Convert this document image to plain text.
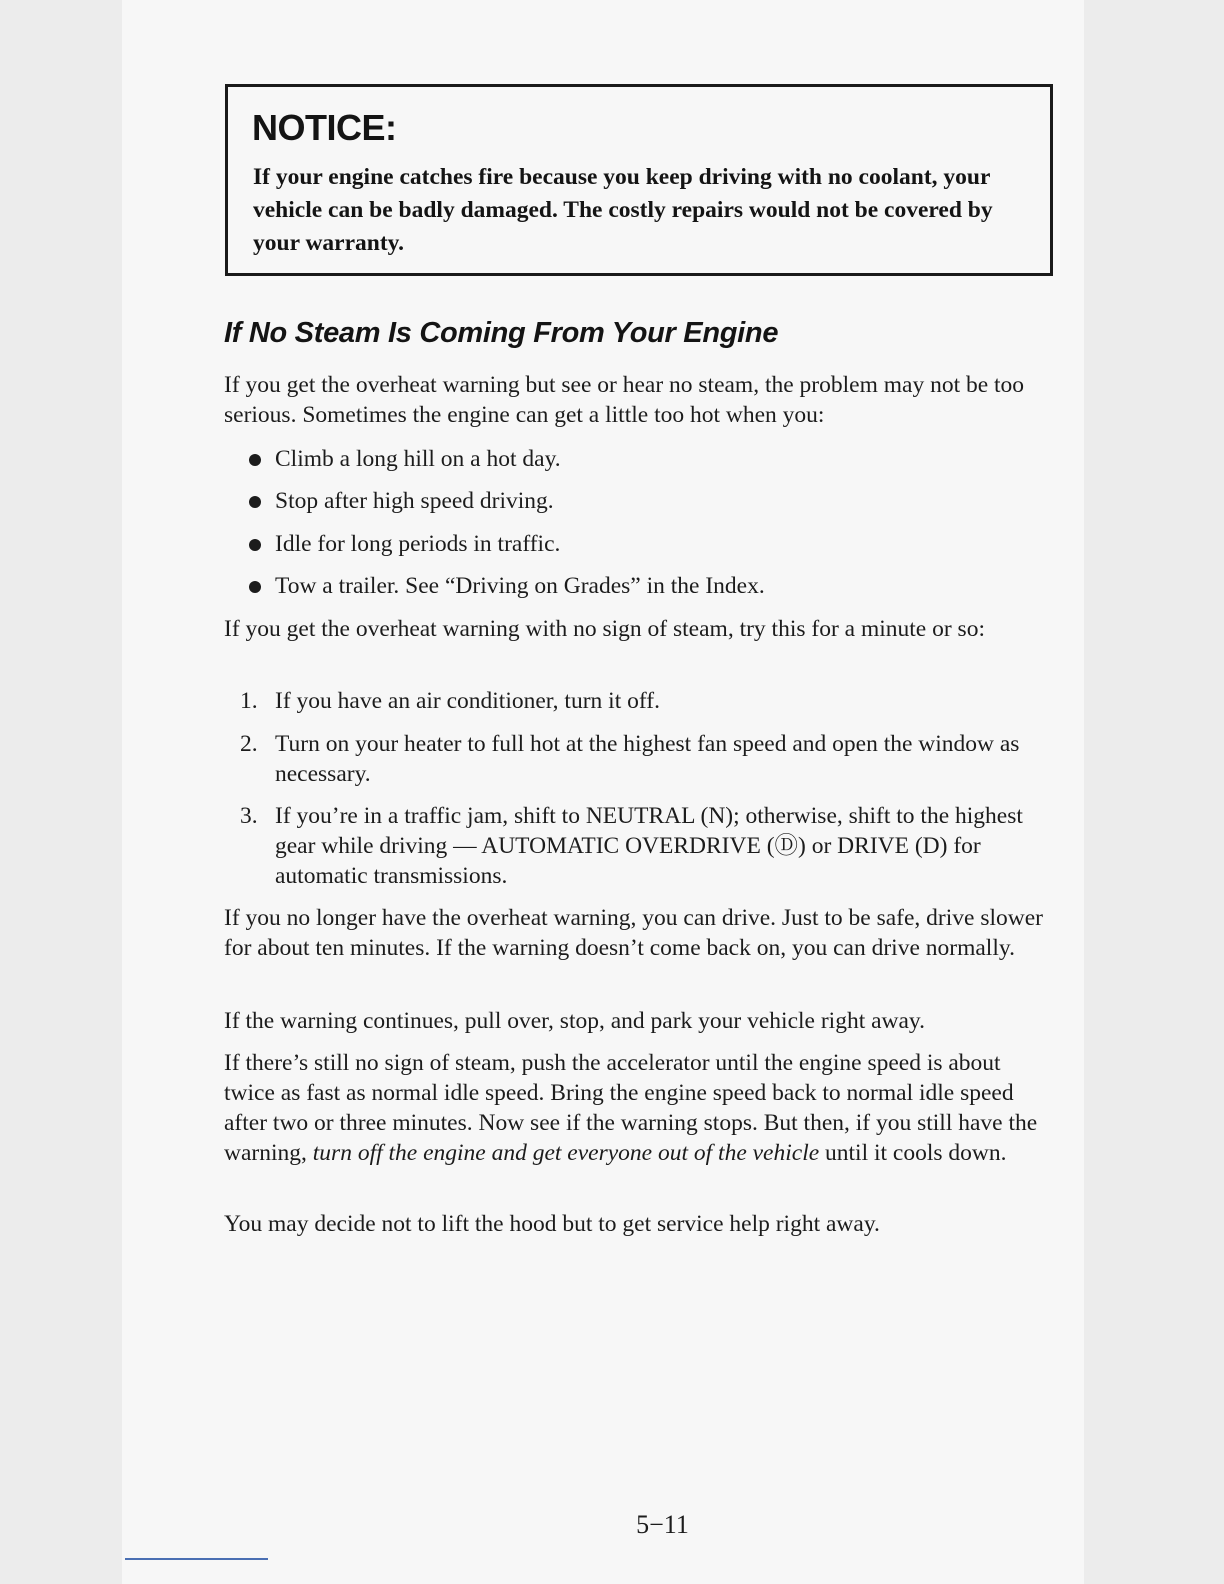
NOTICE:

If your engine catches fire because you keep driving with no coolant, your vehicle can be badly damaged. The costly repairs would not be covered by your warranty.

If No Steam Is Coming From Your Engine

If you get the overheat warning but see or hear no steam, the problem may not be too serious. Sometimes the engine can get a little too hot when you:

Climb a long hill on a hot day.
Stop after high speed driving.
Idle for long periods in traffic.
Tow a trailer. See “Driving on Grades” in the Index.

If you get the overheat warning with no sign of steam, try this for a minute or so:

1. If you have an air conditioner, turn it off.
2. Turn on your heater to full hot at the highest fan speed and open the window as necessary.
3. If you’re in a traffic jam, shift to NEUTRAL (N); otherwise, shift to the highest gear while driving — AUTOMATIC OVERDRIVE (Ⓓ) or DRIVE (D) for automatic transmissions.

If you no longer have the overheat warning, you can drive. Just to be safe, drive slower for about ten minutes. If the warning doesn’t come back on, you can drive normally.

If the warning continues, pull over, stop, and park your vehicle right away.

If there’s still no sign of steam, push the accelerator until the engine speed is about twice as fast as normal idle speed. Bring the engine speed back to normal idle speed after two or three minutes. Now see if the warning stops. But then, if you still have the warning, turn off the engine and get everyone out of the vehicle until it cools down.

You may decide not to lift the hood but to get service help right away.

5−11
